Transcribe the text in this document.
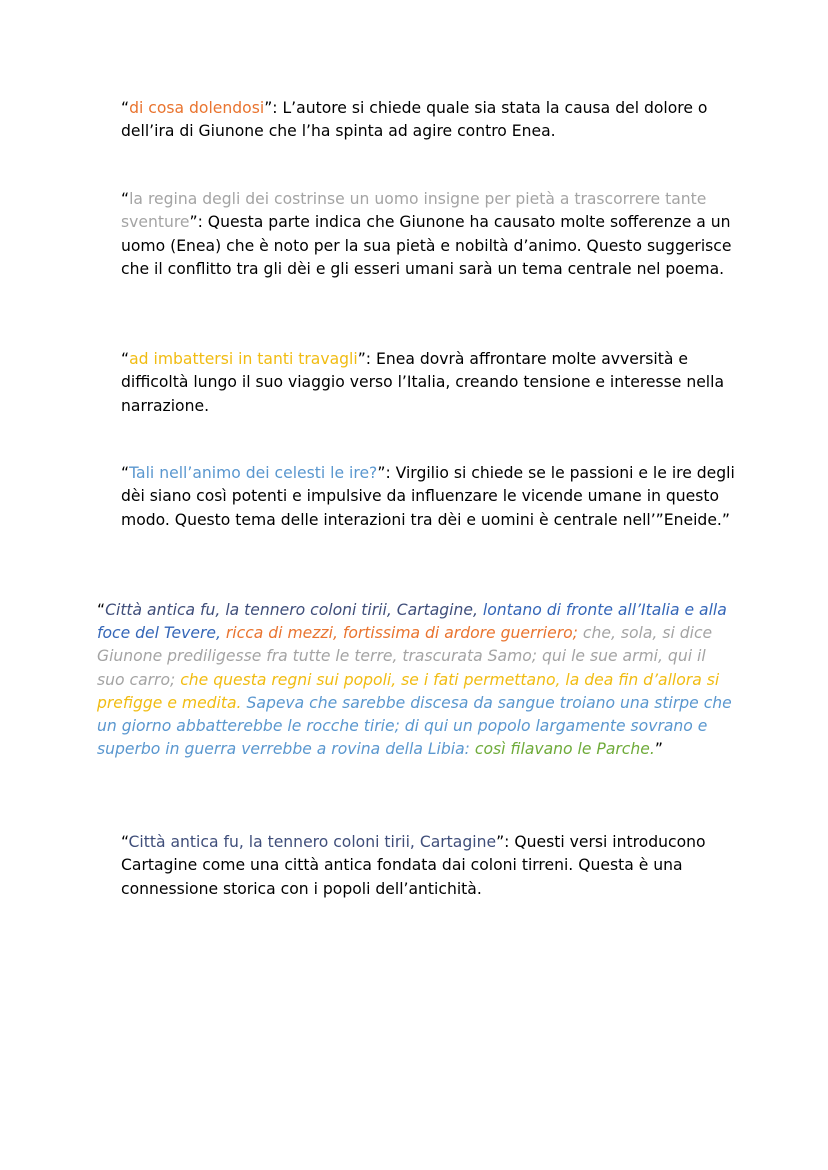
“di cosa dolendosi”: L’autore si chiede quale sia stata la causa del dolore o dell’ira di Giunone che l’ha spinta ad agire contro Enea.

“la regina degli dei costrinse un uomo insigne per pietà a trascorrere tante sventure”: Questa parte indica che Giunone ha causato molte sofferenze a un uomo (Enea) che è noto per la sua pietà e nobiltà d’animo. Questo suggerisce che il conflitto tra gli dèi e gli esseri umani sarà un tema centrale nel poema.

“ad imbattersi in tanti travagli”: Enea dovrà affrontare molte avversità e difficoltà lungo il suo viaggio verso l’Italia, creando tensione e interesse nella narrazione.

“Tali nell’animo dei celesti le ire?”: Virgilio si chiede se le passioni e le ire degli dèi siano così potenti e impulsive da influenzare le vicende umane in questo modo. Questo tema delle interazioni tra dèi e uomini è centrale nell’”Eneide.”

“Città antica fu, la tennero coloni tirii, Cartagine, lontano di fronte all’Italia e alla foce del Tevere, ricca di mezzi, fortissima di ardore guerriero; che, sola, si dice Giunone prediligesse fra tutte le terre, trascurata Samo; qui le sue armi, qui il suo carro; che questa regni sui popoli, se i fati permettano, la dea fin d’allora si prefigge e medita. Sapeva che sarebbe discesa da sangue troiano una stirpe che un giorno abbatterebbe le rocche tirie; di qui un popolo largamente sovrano e superbo in guerra verrebbe a rovina della Libia: così filavano le Parche.”

“Città antica fu, la tennero coloni tirii, Cartagine”: Questi versi introducono Cartagine come una città antica fondata dai coloni tirreni. Questa è una connessione storica con i popoli dell’antichità.
